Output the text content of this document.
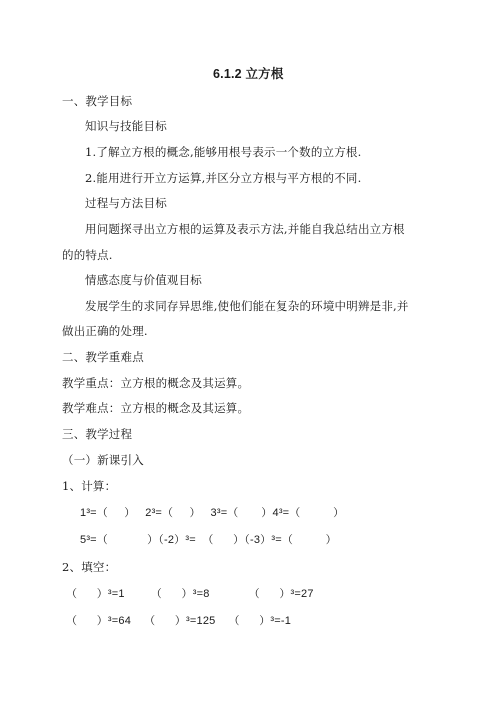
6.1.2 立方根
一、教学目标
知识与技能目标
1.了解立方根的概念,能够用根号表示一个数的立方根.
2.能用进行开立方运算,并区分立方根与平方根的不同.
过程与方法目标
用问题探寻出立方根的运算及表示方法,并能自我总结出立方根
的的特点.
情感态度与价值观目标
发展学生的求同存异思维,使他们能在复杂的环境中明辨是非,并
做出正确的处理.
二、教学重难点
教学重点：立方根的概念及其运算。
教学难点：立方根的概念及其运算。
三、教学过程
（一）新课引入
1、计算：
1³=（     ）   2³=（     ）   3³=（       ）4³=（          ）
5³=（            ）（-2）³=  （      ）（-3）³=（          ）
2、填空：
（      ）³=1        （      ）³=8            （      ）³=27
（      ）³=64    （      ）³=125    （      ）³=-1
